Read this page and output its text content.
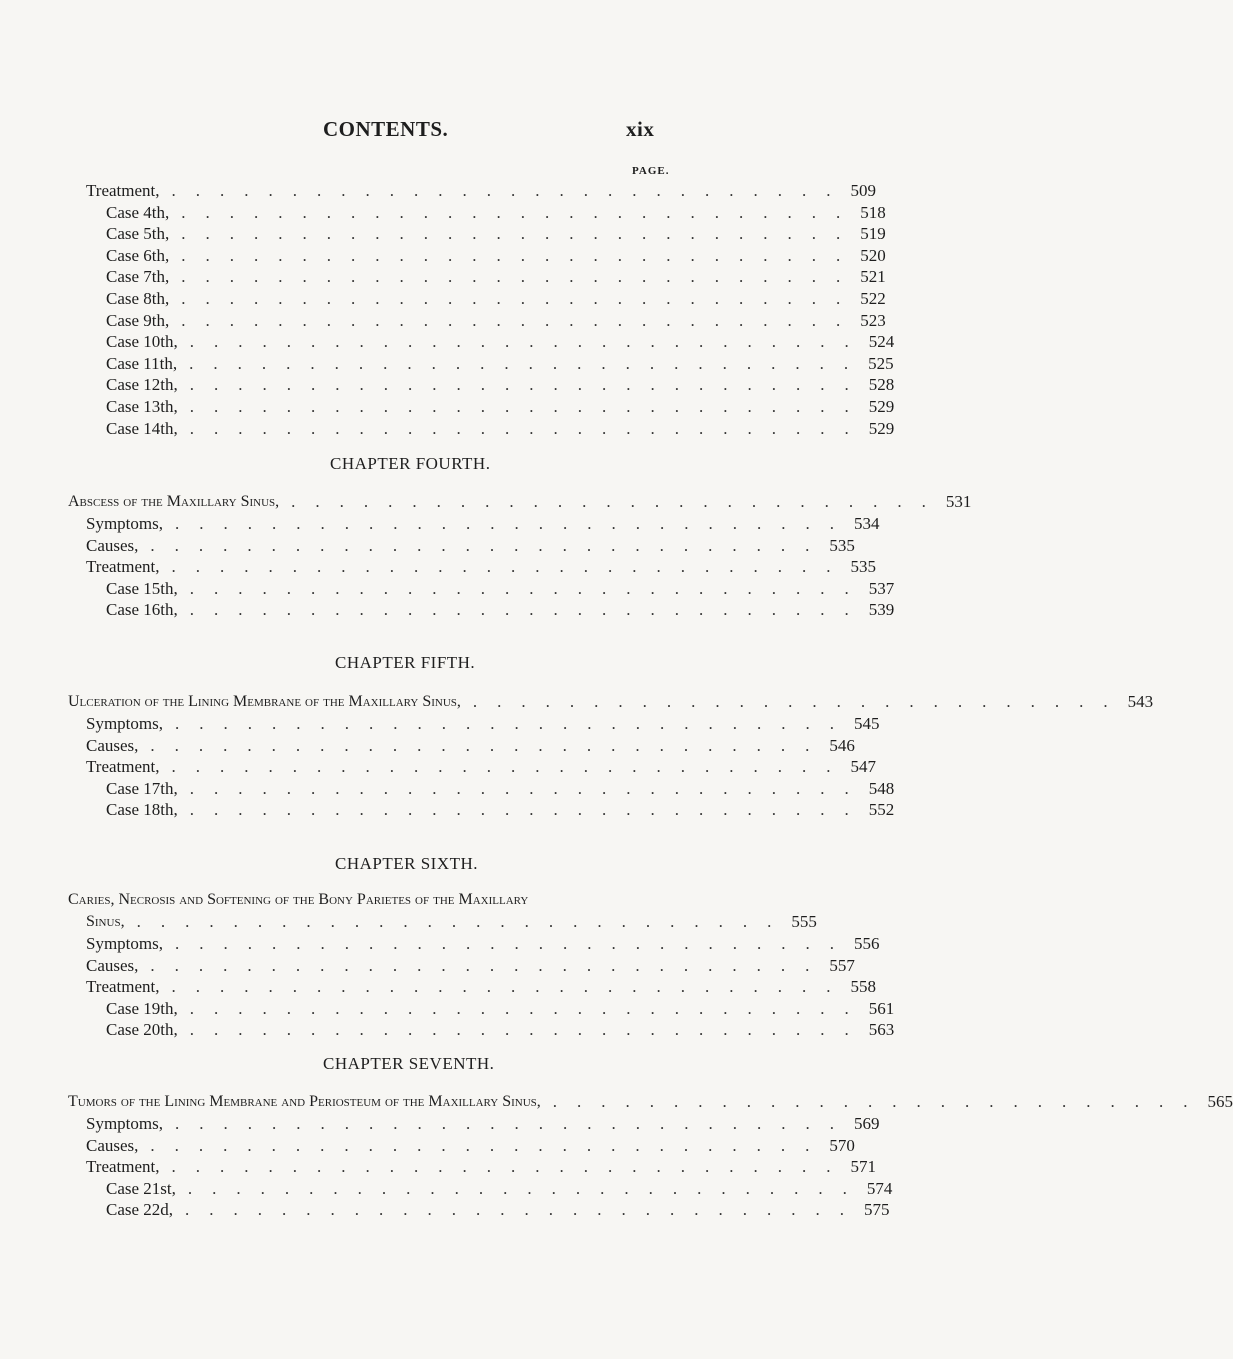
CONTENTS.	xix
PAGE.
Treatment, ............................ 509
Case 4th, ............................ 518
Case 5th, ............................ 519
Case 6th, ............................ 520
Case 7th, ............................ 521
Case 8th, ............................ 522
Case 9th, ............................ 523
Case 10th, ............................ 524
Case 11th, ............................ 525
Case 12th, ............................ 528
Case 13th, ............................ 529
Case 14th, ............................ 529
CHAPTER FOURTH.
Abscess of the Maxillary Sinus, ........................... 531
Symptoms, ............................ 534
Causes, ............................ 535
Treatment, ............................ 535
Case 15th, ............................ 537
Case 16th, ............................ 539
CHAPTER FIFTH.
Ulceration of the Lining Membrane of the Maxillary Sinus, ........................... 543
Symptoms, ............................ 545
Causes, ............................ 546
Treatment, ............................ 547
Case 17th, ............................ 548
Case 18th, ............................ 552
CHAPTER SIXTH.
Caries, Necrosis and Softening of the Bony Parietes of the Maxillary
Sinus, ........................... 555
Symptoms, ............................ 556
Causes, ............................ 557
Treatment, ............................ 558
Case 19th, ............................ 561
Case 20th, ............................ 563
CHAPTER SEVENTH.
Tumors of the Lining Membrane and Periosteum of the Maxillary Sinus, ........................... 565
Symptoms, ............................ 569
Causes, ............................ 570
Treatment, ............................ 571
Case 21st, ............................ 574
Case 22d, ............................ 575
